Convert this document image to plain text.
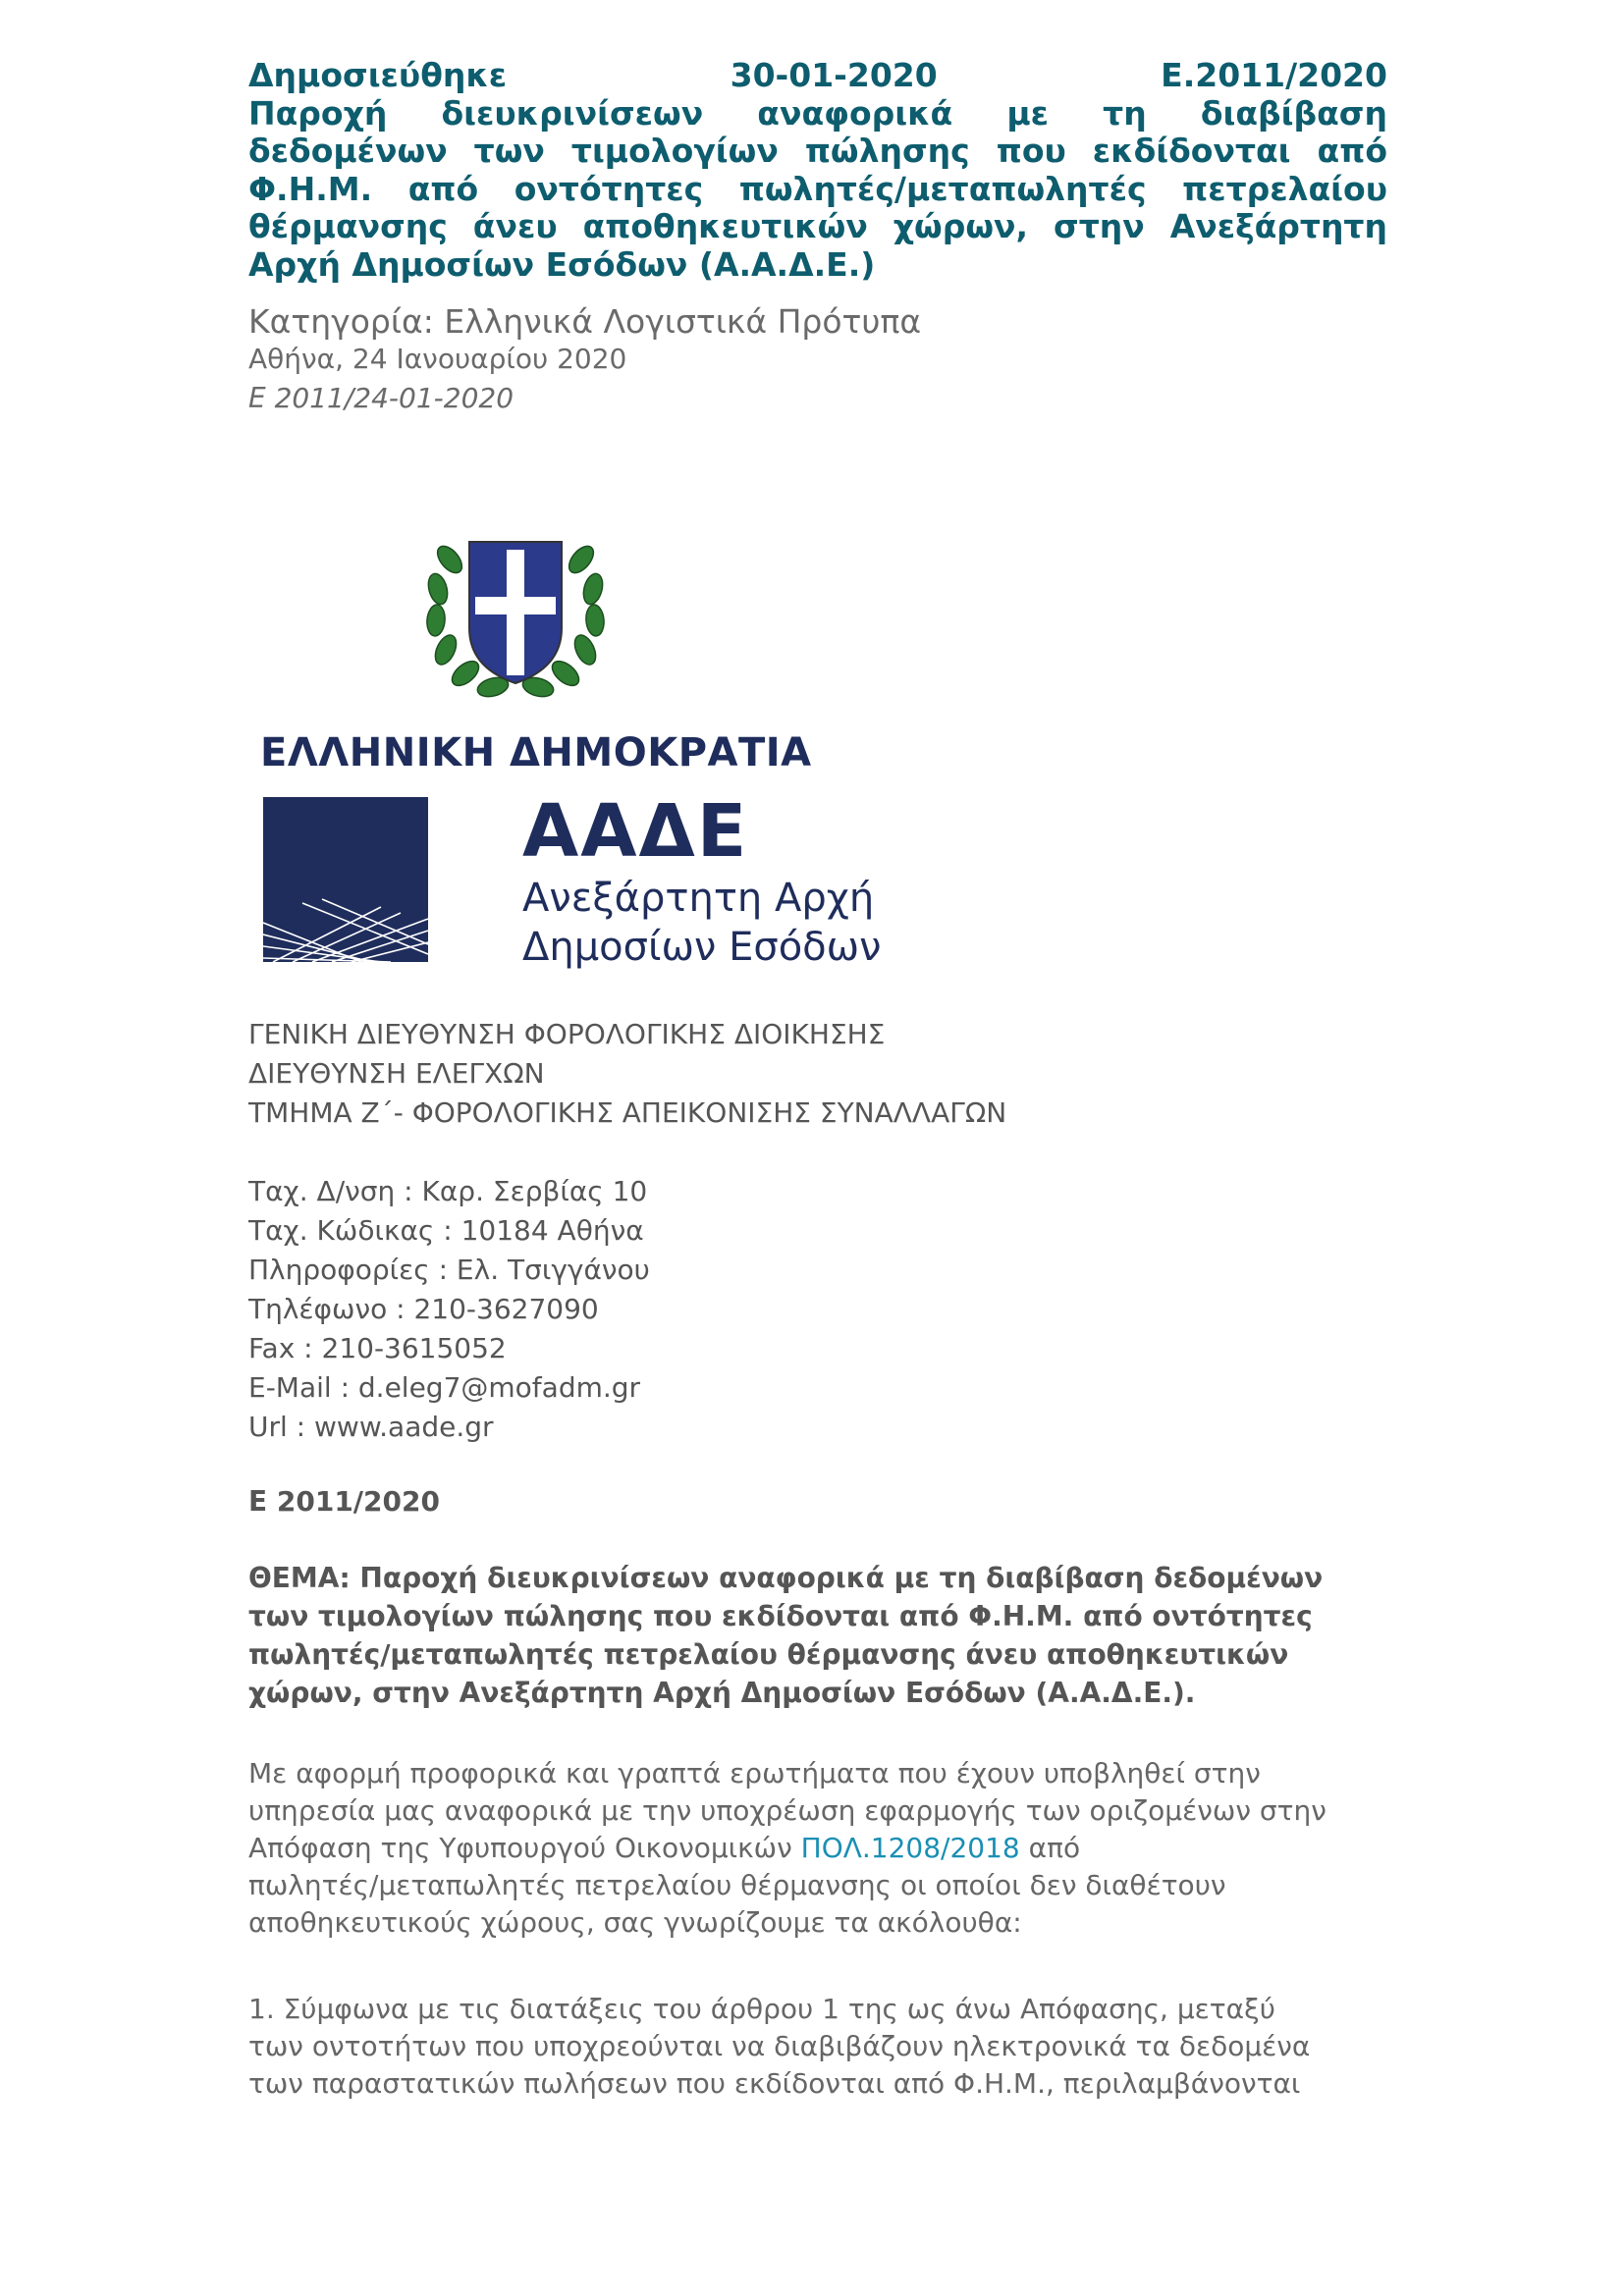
Δημοσιεύθηκε	30-01-2020	Ε.2011/2020
Παροχή διευκρινίσεων αναφορικά με τη διαβίβαση
δεδομένων των τιμολογίων πώλησης που εκδίδονται από
Φ.Η.Μ. από οντότητες πωλητές/μεταπωλητές πετρελαίου
θέρμανσης άνευ αποθηκευτικών χώρων, στην Ανεξάρτητη
Αρχή Δημοσίων Εσόδων (Α.Α.Δ.Ε.)
Κατηγορία: Ελληνικά Λογιστικά Πρότυπα
Αθήνα, 24 Ιανουαρίου 2020
Ε 2011/24-01-2020
ΕΛΛΗΝΙΚΗ ΔΗΜΟΚΡΑΤΙΑ
ΑΑΔΕ
Ανεξάρτητη Αρχή
Δημοσίων Εσόδων
ΓΕΝΙΚΗ ΔΙΕΥΘΥΝΣΗ ΦΟΡΟΛΟΓΙΚΗΣ ΔΙΟΙΚΗΣΗΣ
ΔΙΕΥΘΥΝΣΗ ΕΛΕΓΧΩΝ
ΤΜΗΜΑ Ζ΄- ΦΟΡΟΛΟΓΙΚΗΣ ΑΠΕΙΚΟΝΙΣΗΣ ΣΥΝΑΛΛΑΓΩΝ
Ταχ. Δ/νση : Καρ. Σερβίας 10
Ταχ. Κώδικας : 10184 Αθήνα
Πληροφορίες : Ελ. Τσιγγάνου
Τηλέφωνο : 210-3627090
Fax : 210-3615052
E-Mail : d.eleg7@mofadm.gr
Url : www.aade.gr
Ε 2011/2020
ΘΕΜΑ: Παροχή διευκρινίσεων αναφορικά με τη διαβίβαση δεδομένων
των τιμολογίων πώλησης που εκδίδονται από Φ.Η.Μ. από οντότητες
πωλητές/μεταπωλητές πετρελαίου θέρμανσης άνευ αποθηκευτικών
χώρων, στην Ανεξάρτητη Αρχή Δημοσίων Εσόδων (Α.Α.Δ.Ε.).
Με αφορμή προφορικά και γραπτά ερωτήματα που έχουν υποβληθεί στην
υπηρεσία μας αναφορικά με την υποχρέωση εφαρμογής των οριζομένων στην
Απόφαση της Υφυπουργού Οικονομικών ΠΟΛ.1208/2018 από
πωλητές/μεταπωλητές πετρελαίου θέρμανσης οι οποίοι δεν διαθέτουν
αποθηκευτικούς χώρους, σας γνωρίζουμε τα ακόλουθα:
1. Σύμφωνα με τις διατάξεις του άρθρου 1 της ως άνω Απόφασης, μεταξύ
των οντοτήτων που υποχρεούνται να διαβιβάζουν ηλεκτρονικά τα δεδομένα
των παραστατικών πωλήσεων που εκδίδονται από Φ.Η.Μ., περιλαμβάνονται
